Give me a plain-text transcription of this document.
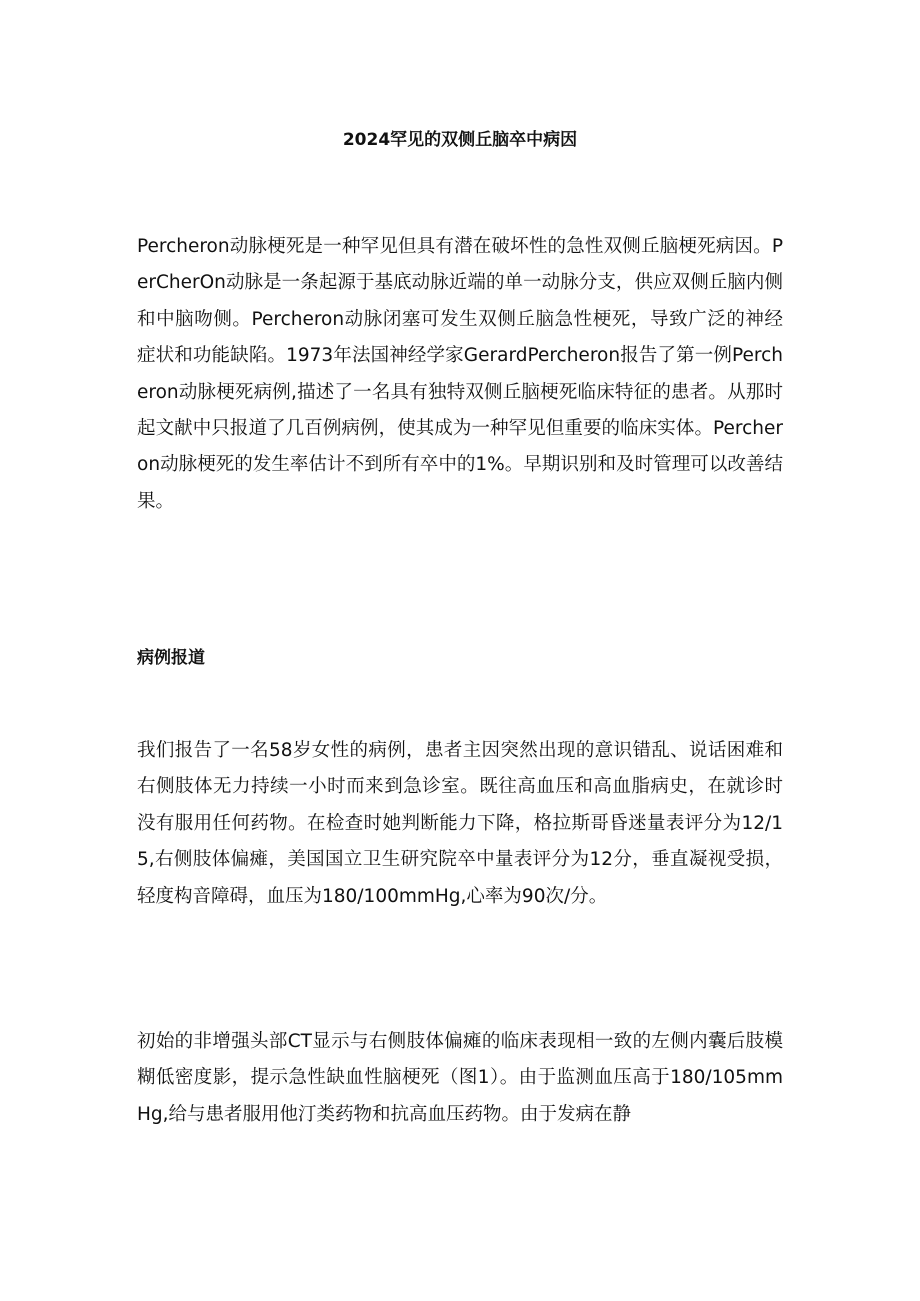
2024罕见的双侧丘脑卒中病因

Percheron动脉梗死是一种罕见但具有潜在破坏性的急性双侧丘脑梗死病因。PerCherOn动脉是一条起源于基底动脉近端的单一动脉分支，供应双侧丘脑内侧和中脑吻侧。Percheron动脉闭塞可发生双侧丘脑急性梗死，导致广泛的神经症状和功能缺陷。1973年法国神经学家GerardPercheron报告了第一例Percheron动脉梗死病例,描述了一名具有独特双侧丘脑梗死临床特征的患者。从那时起文献中只报道了几百例病例，使其成为一种罕见但重要的临床实体。Percheron动脉梗死的发生率估计不到所有卒中的1%。早期识别和及时管理可以改善结果。

病例报道

我们报告了一名58岁女性的病例，患者主因突然出现的意识错乱、说话困难和右侧肢体无力持续一小时而来到急诊室。既往高血压和高血脂病史，在就诊时没有服用任何药物。在检查时她判断能力下降，格拉斯哥昏迷量表评分为12/15,右侧肢体偏瘫，美国国立卫生研究院卒中量表评分为12分，垂直凝视受损，轻度构音障碍，血压为180/100mmHg,心率为90次/分。

初始的非增强头部CT显示与右侧肢体偏瘫的临床表现相一致的左侧内囊后肢模糊低密度影，提示急性缺血性脑梗死（图1）。由于监测血压高于180/105mmHg,给与患者服用他汀类药物和抗高血压药物。由于发病在静
